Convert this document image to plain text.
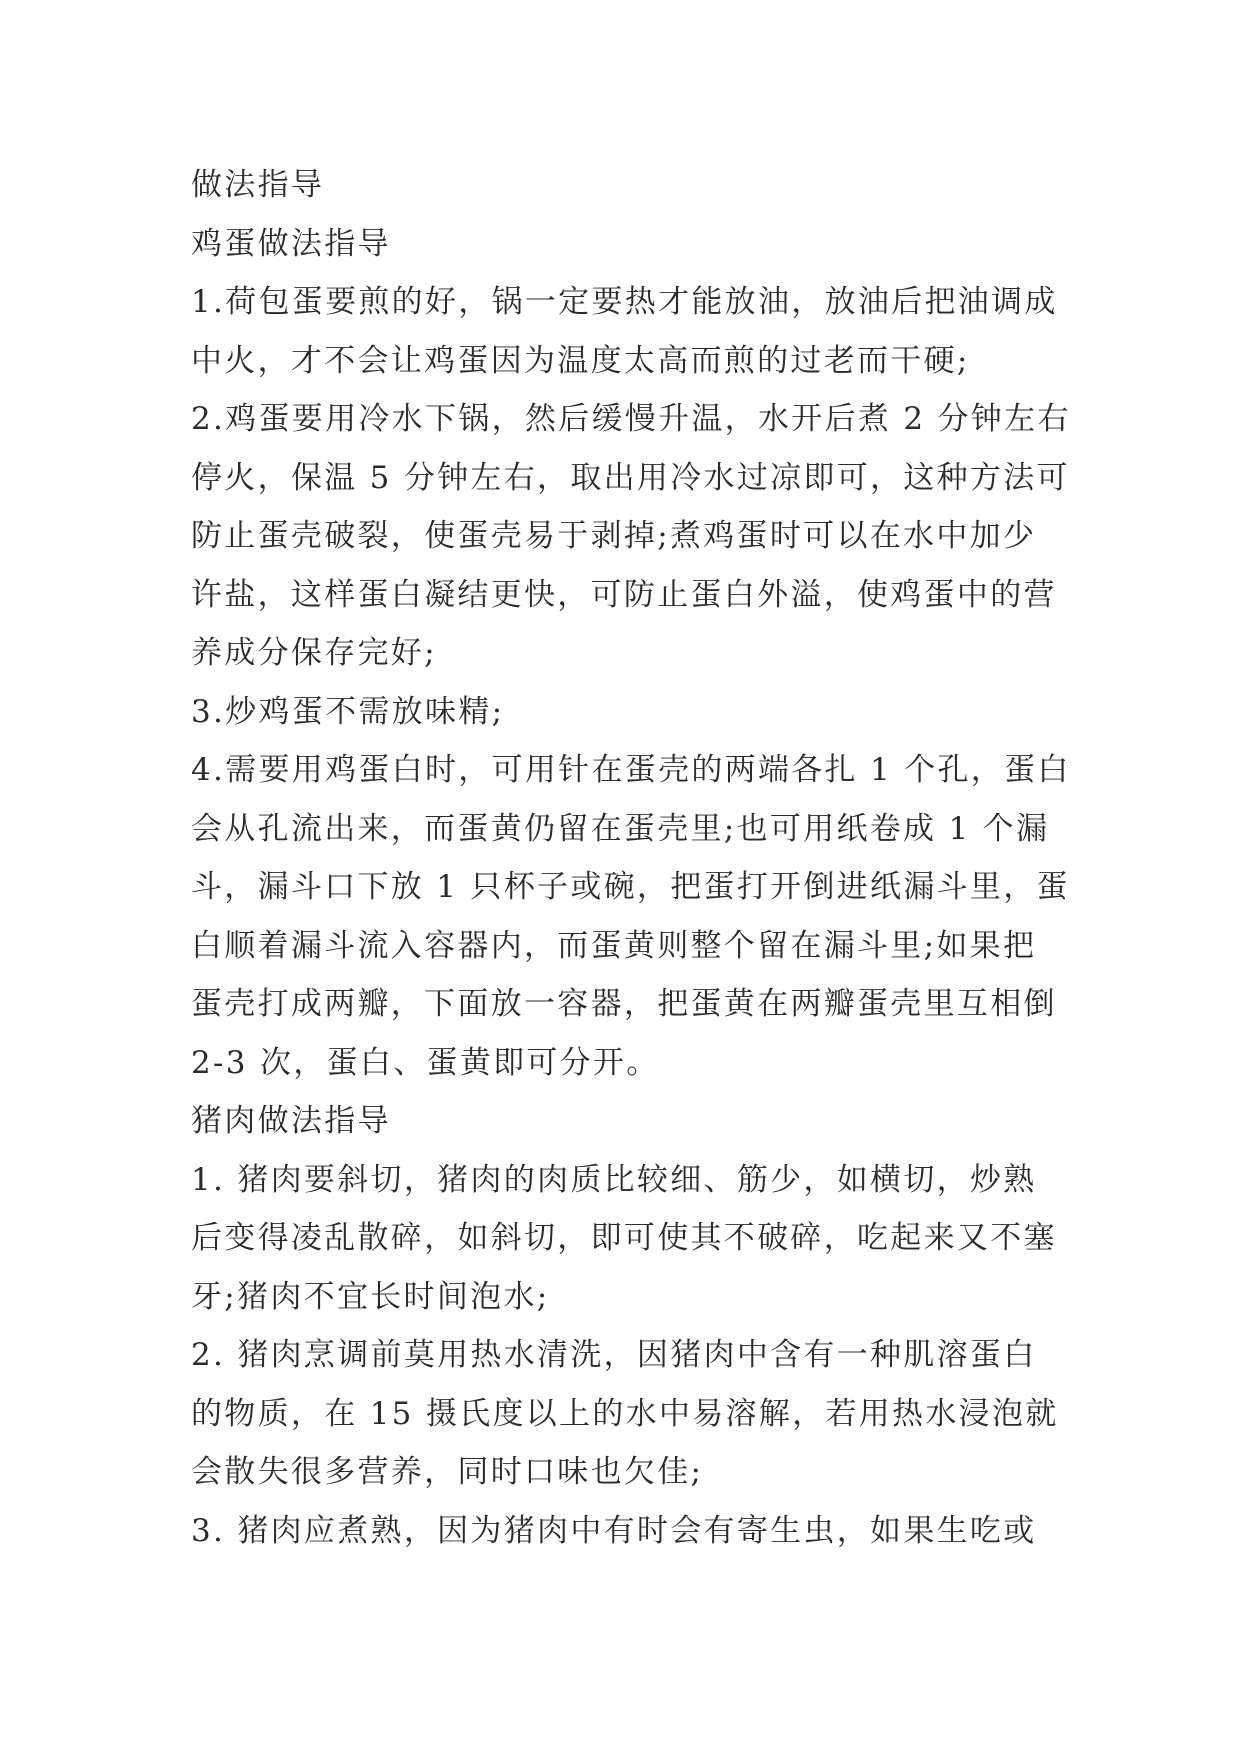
做法指导
鸡蛋做法指导
1.荷包蛋要煎的好，锅一定要热才能放油，放油后把油调成
中火，才不会让鸡蛋因为温度太高而煎的过老而干硬;
2.鸡蛋要用冷水下锅，然后缓慢升温，水开后煮 2 分钟左右
停火，保温 5 分钟左右，取出用冷水过凉即可，这种方法可
防止蛋壳破裂，使蛋壳易于剥掉;煮鸡蛋时可以在水中加少
许盐，这样蛋白凝结更快，可防止蛋白外溢，使鸡蛋中的营
养成分保存完好;
3.炒鸡蛋不需放味精;
4.需要用鸡蛋白时，可用针在蛋壳的两端各扎 1 个孔，蛋白
会从孔流出来，而蛋黄仍留在蛋壳里;也可用纸卷成 1 个漏
斗，漏斗口下放 1 只杯子或碗，把蛋打开倒进纸漏斗里，蛋
白顺着漏斗流入容器内，而蛋黄则整个留在漏斗里;如果把
蛋壳打成两瓣，下面放一容器，把蛋黄在两瓣蛋壳里互相倒
2-3 次，蛋白、蛋黄即可分开。
猪肉做法指导
1. 猪肉要斜切，猪肉的肉质比较细、筋少，如横切，炒熟
后变得凌乱散碎，如斜切，即可使其不破碎，吃起来又不塞
牙;猪肉不宜长时间泡水;
2. 猪肉烹调前莫用热水清洗，因猪肉中含有一种肌溶蛋白
的物质，在 15 摄氏度以上的水中易溶解，若用热水浸泡就
会散失很多营养，同时口味也欠佳;
3. 猪肉应煮熟，因为猪肉中有时会有寄生虫，如果生吃或
